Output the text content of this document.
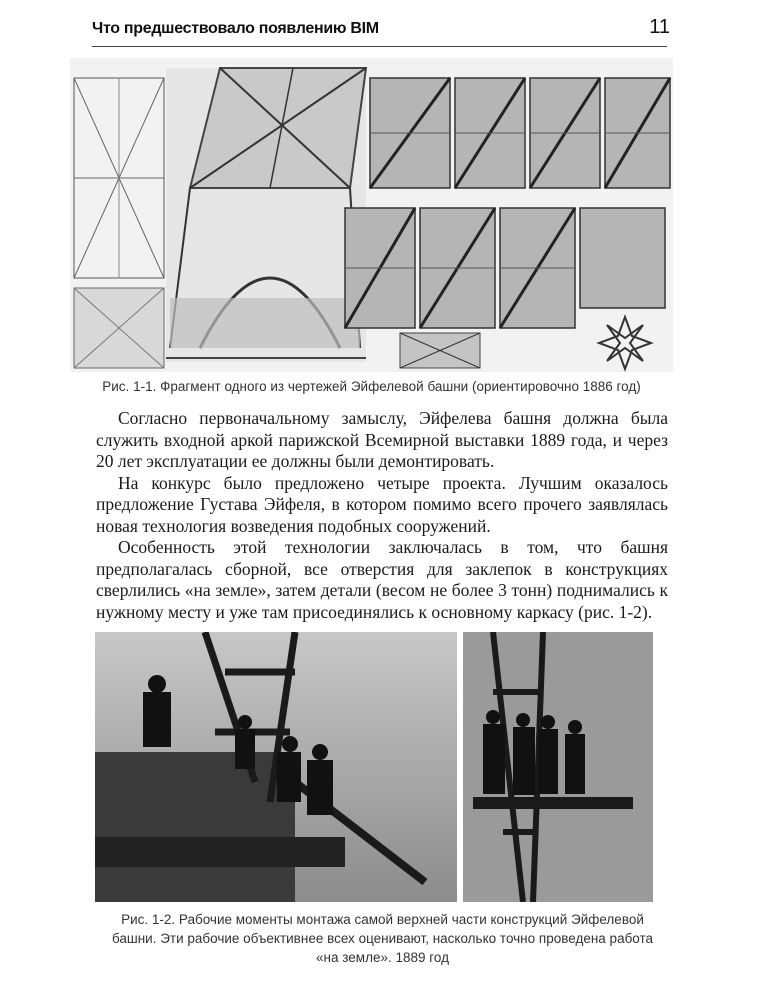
Что предшествовало появлению BIM	11
Рис. 1-1. Фрагмент одного из чертежей Эйфелевой башни (ориентировочно 1886 год)

Согласно первоначальному замыслу, Эйфелева башня должна была служить входной аркой парижской Всемирной выставки 1889 года, и через 20 лет эксплуатации ее должны были демонтировать.

На конкурс было предложено четыре проекта. Лучшим оказалось предложение Густава Эйфеля, в котором помимо всего прочего заявлялась новая технология возведения подобных сооружений.

Особенность этой технологии заключалась в том, что башня предполагалась сборной, все отверстия для заклепок в конструкциях сверлились «на земле», затем детали (весом не более 3 тонн) поднимались к нужному месту и уже там присоединялись к основному каркасу (рис. 1-2).

Рис. 1-2. Рабочие моменты монтажа самой верхней части конструкций Эйфелевой
башни. Эти рабочие объективнее всех оценивают, насколько точно проведена работа
«на земле». 1889 год
